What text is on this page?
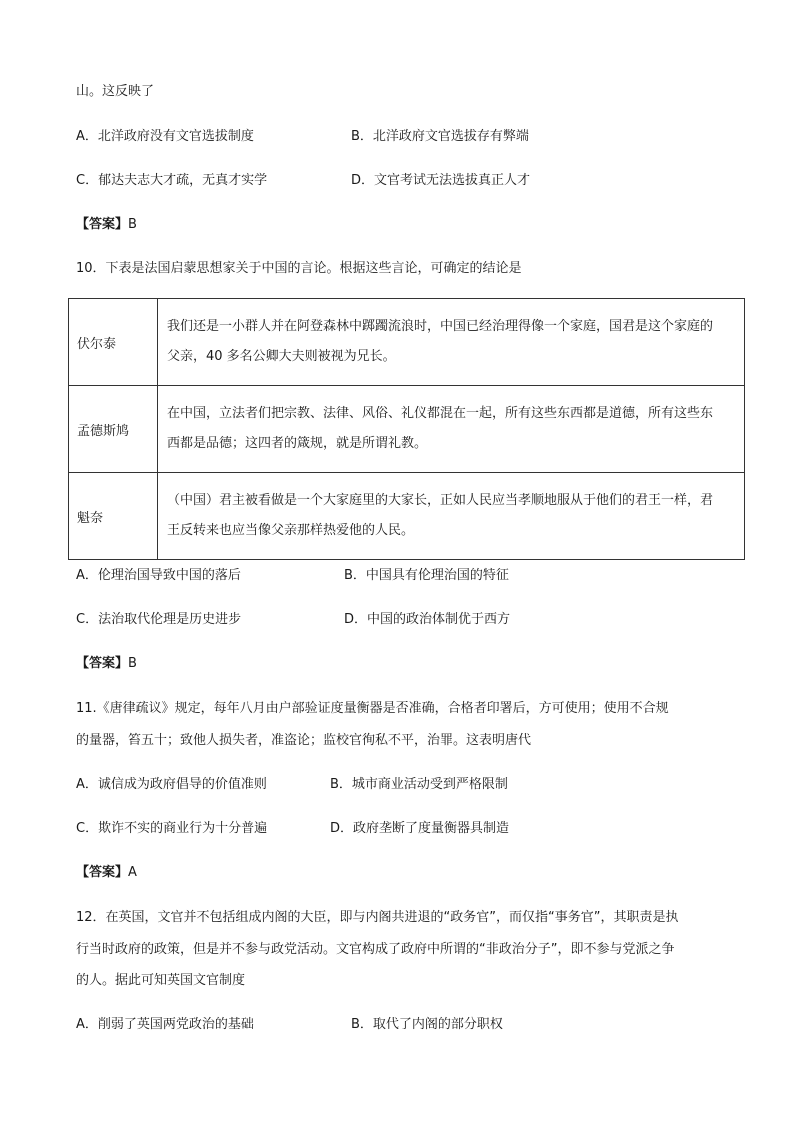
山。这反映了
A．北洋政府没有文官选拔制度	B．北洋政府文官选拔存有弊端
C．郁达夫志大才疏，无真才实学	D．文官考试无法选拔真正人才
【答案】B
10．下表是法国启蒙思想家关于中国的言论。根据这些言论，可确定的结论是
伏尔泰	我们还是一小群人并在阿登森林中踯躅流浪时，中国已经治理得像一个家庭，国君是这个家庭的
父亲，40 多名公卿大夫则被视为兄长。

孟德斯鸠	在中国，立法者们把宗教、法律、风俗、礼仪都混在一起，所有这些东西都是道德，所有这些东
西都是品德；这四者的箴规，就是所谓礼教。

魁奈	（中国）君主被看做是一个大家庭里的大家长，正如人民应当孝顺地服从于他们的君王一样，君
王反转来也应当像父亲那样热爱他的人民。
A．伦理治国导致中国的落后	B．中国具有伦理治国的特征
C．法治取代伦理是历史进步	D．中国的政治体制优于西方
【答案】B
11.《唐律疏议》规定，每年八月由户部验证度量衡器是否准确，合格者印署后，方可使用；使用不合规
的量器，笞五十；致他人损失者，准盗论；监校官徇私不平，治罪。这表明唐代
A．诚信成为政府倡导的价值准则	B．城市商业活动受到严格限制
C．欺诈不实的商业行为十分普遍	D．政府垄断了度量衡器具制造
【答案】A
12．在英国，文官并不包括组成内阁的大臣，即与内阁共进退的“政务官”，而仅指“事务官”，其职责是执
行当时政府的政策，但是并不参与政党活动。文官构成了政府中所谓的“非政治分子”，即不参与党派之争
的人。据此可知英国文官制度
A．削弱了英国两党政治的基础	B．取代了内阁的部分职权
